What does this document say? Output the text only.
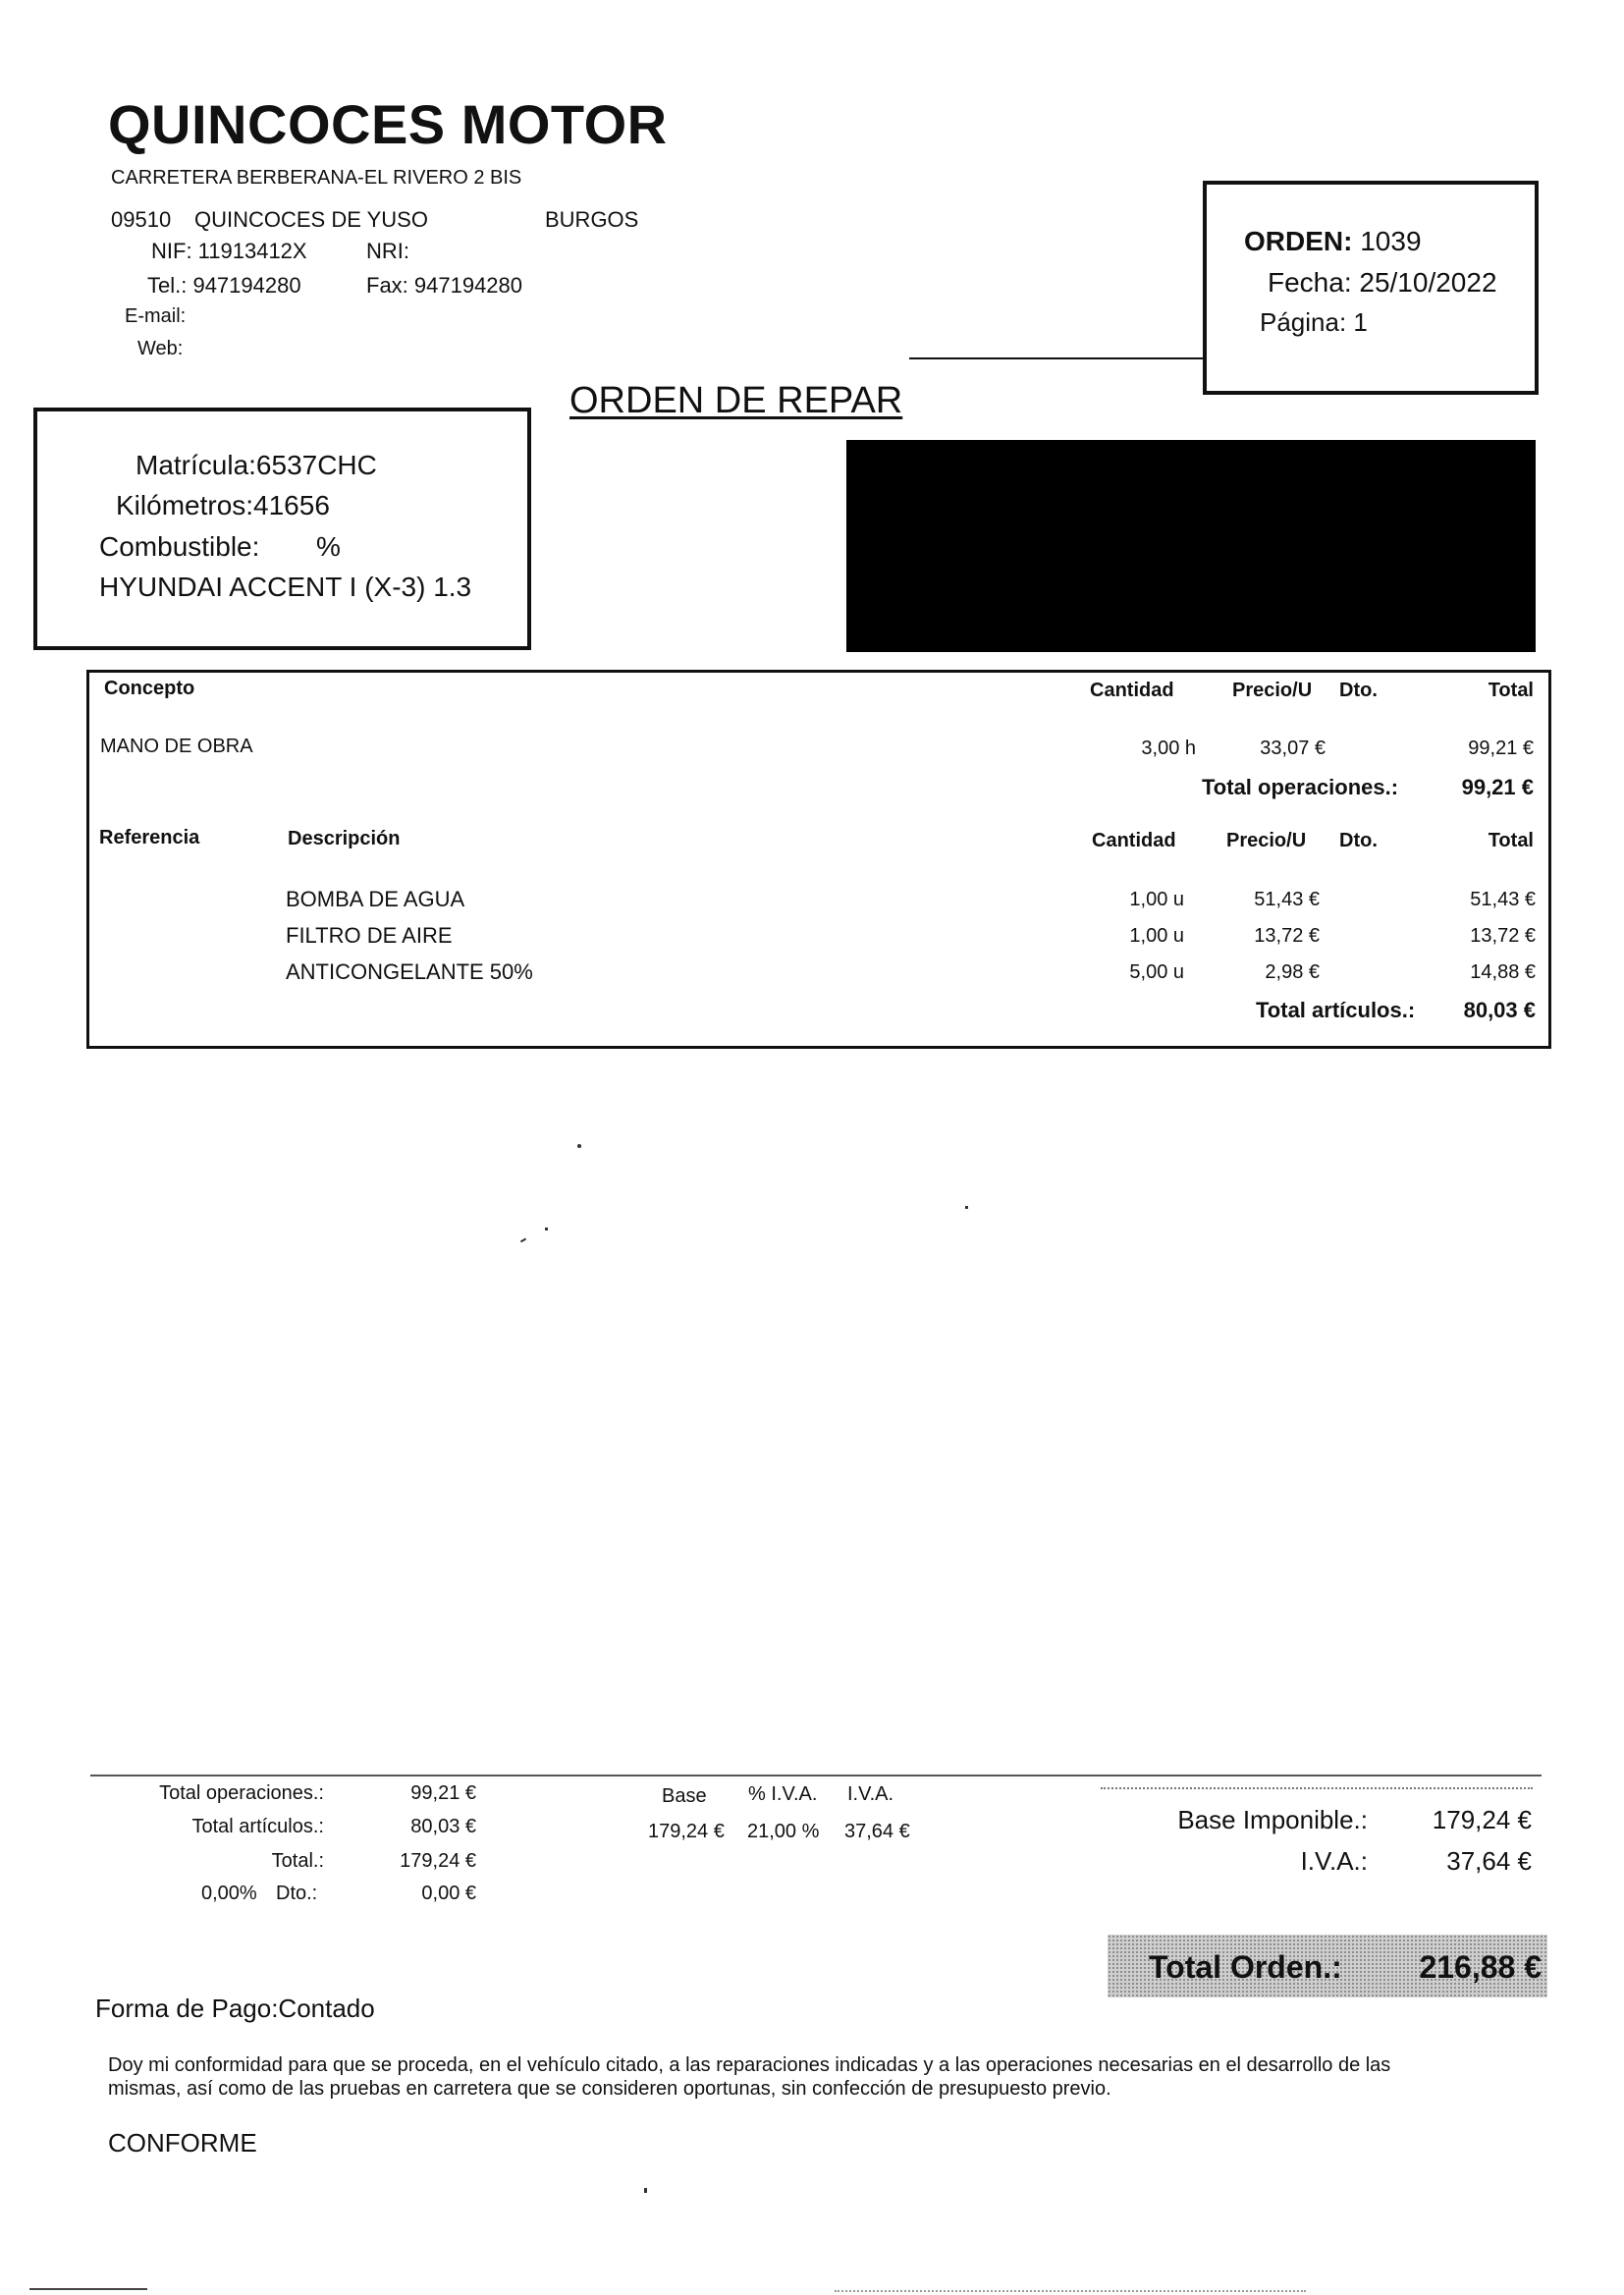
QUINCOCES MOTOR
CARRETERA BERBERANA-EL RIVERO 2 BIS
09510 QUINCOCES DE YUSO	BURGOS
NIF: 11913412X	NRI:
Tel.: 947194280	Fax: 947194280
E-mail:
Web:
ORDEN: 1039
Fecha: 25/10/2022
Página: 1
ORDEN DE REPAR
Matrícula:6537CHC
Kilómetros:41656
Combustible: %
HYUNDAI ACCENT I (X-3) 1.3
Concepto	Cantidad	Precio/U Dto.	Total
MANO DE OBRA	3,00 h	33,07 €	99,21 €
Total operaciones.:	99,21 €
Referencia	Descripción	Cantidad	Precio/U Dto.	Total
BOMBA DE AGUA	1,00 u	51,43 €	51,43 €
FILTRO DE AIRE	1,00 u	13,72 €	13,72 €
ANTICONGELANTE 50%	5,00 u	2,98 €	14,88 €
Total artículos.:	80,03 €
Total operaciones.:	99,21 €
Total artículos.:	80,03 €
Total.:	179,24 €
0,00% Dto.:	0,00 €
Base % I.V.A. I.V.A.
179,24 € 21,00 % 37,64 €	Base Imponible.:	179,24 €
I.V.A.:	37,64 €
Total Orden.:	216,88 €
Forma de Pago:Contado
Doy mi conformidad para que se proceda, en el vehículo citado, a las reparaciones indicadas y a las operaciones necesarias en el desarrollo de las
mismas, así como de las pruebas en carretera que se consideren oportunas, sin confección de presupuesto previo.
CONFORME
